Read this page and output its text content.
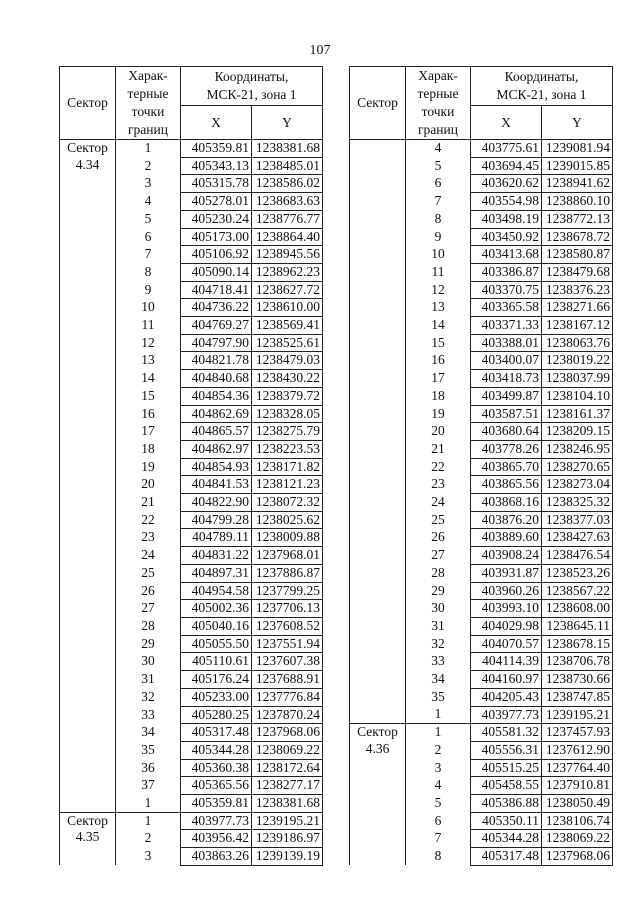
107
Сектор	Харак-
терные
точки
границ	Координаты,
МСК-21, зона 1	
		X	Y
Сектор
4.34	1	405359.81	1238381.68
	2	405343.13	1238485.01
	3	405315.78	1238586.02
	4	405278.01	1238683.63
	5	405230.24	1238776.77
	6	405173.00	1238864.40
	7	405106.92	1238945.56
	8	405090.14	1238962.23
	9	404718.41	1238627.72
	10	404736.22	1238610.00
	11	404769.27	1238569.41
	12	404797.90	1238525.61
	13	404821.78	1238479.03
	14	404840.68	1238430.22
	15	404854.36	1238379.72
	16	404862.69	1238328.05
	17	404865.57	1238275.79
	18	404862.97	1238223.53
	19	404854.93	1238171.82
	20	404841.53	1238121.23
	21	404822.90	1238072.32
	22	404799.28	1238025.62
	23	404789.11	1238009.88
	24	404831.22	1237968.01
	25	404897.31	1237886.87
	26	404954.58	1237799.25
	27	405002.36	1237706.13
	28	405040.16	1237608.52
	29	405055.50	1237551.94
	30	405110.61	1237607.38
	31	405176.24	1237688.91
	32	405233.00	1237776.84
	33	405280.25	1237870.24
	34	405317.48	1237968.06
	35	405344.28	1238069.22
	36	405360.38	1238172.64
	37	405365.56	1238277.17
	1	405359.81	1238381.68
Сектор
4.35	1	403977.73	1239195.21
	2	403956.42	1239186.97
	3	403863.26	1239139.19
Сектор	Харак-
терные
точки
границ	Координаты,
МСК-21, зона 1	
		X	Y

	4	403775.61	1239081.94
	5	403694.45	1239015.85
	6	403620.62	1238941.62
	7	403554.98	1238860.10
	8	403498.19	1238772.13
	9	403450.92	1238678.72
	10	403413.68	1238580.87
	11	403386.87	1238479.68
	12	403370.75	1238376.23
	13	403365.58	1238271.66
	14	403371.33	1238167.12
	15	403388.01	1238063.76
	16	403400.07	1238019.22
	17	403418.73	1238037.99
	18	403499.87	1238104.10
	19	403587.51	1238161.37
	20	403680.64	1238209.15
	21	403778.26	1238246.95
	22	403865.70	1238270.65
	23	403865.56	1238273.04
	24	403868.16	1238325.32
	25	403876.20	1238377.03
	26	403889.60	1238427.63
	27	403908.24	1238476.54
	28	403931.87	1238523.26
	29	403960.26	1238567.22
	30	403993.10	1238608.00
	31	404029.98	1238645.11
	32	404070.57	1238678.15
	33	404114.39	1238706.78
	34	404160.97	1238730.66
	35	404205.43	1238747.85
	1	403977.73	1239195.21
Сектор
4.36	1	405581.32	1237457.93
	2	405556.31	1237612.90
	3	405515.25	1237764.40
	4	405458.55	1237910.81
	5	405386.88	1238050.49
	6	405350.11	1238106.74
	7	405344.28	1238069.22
	8	405317.48	1237968.06
